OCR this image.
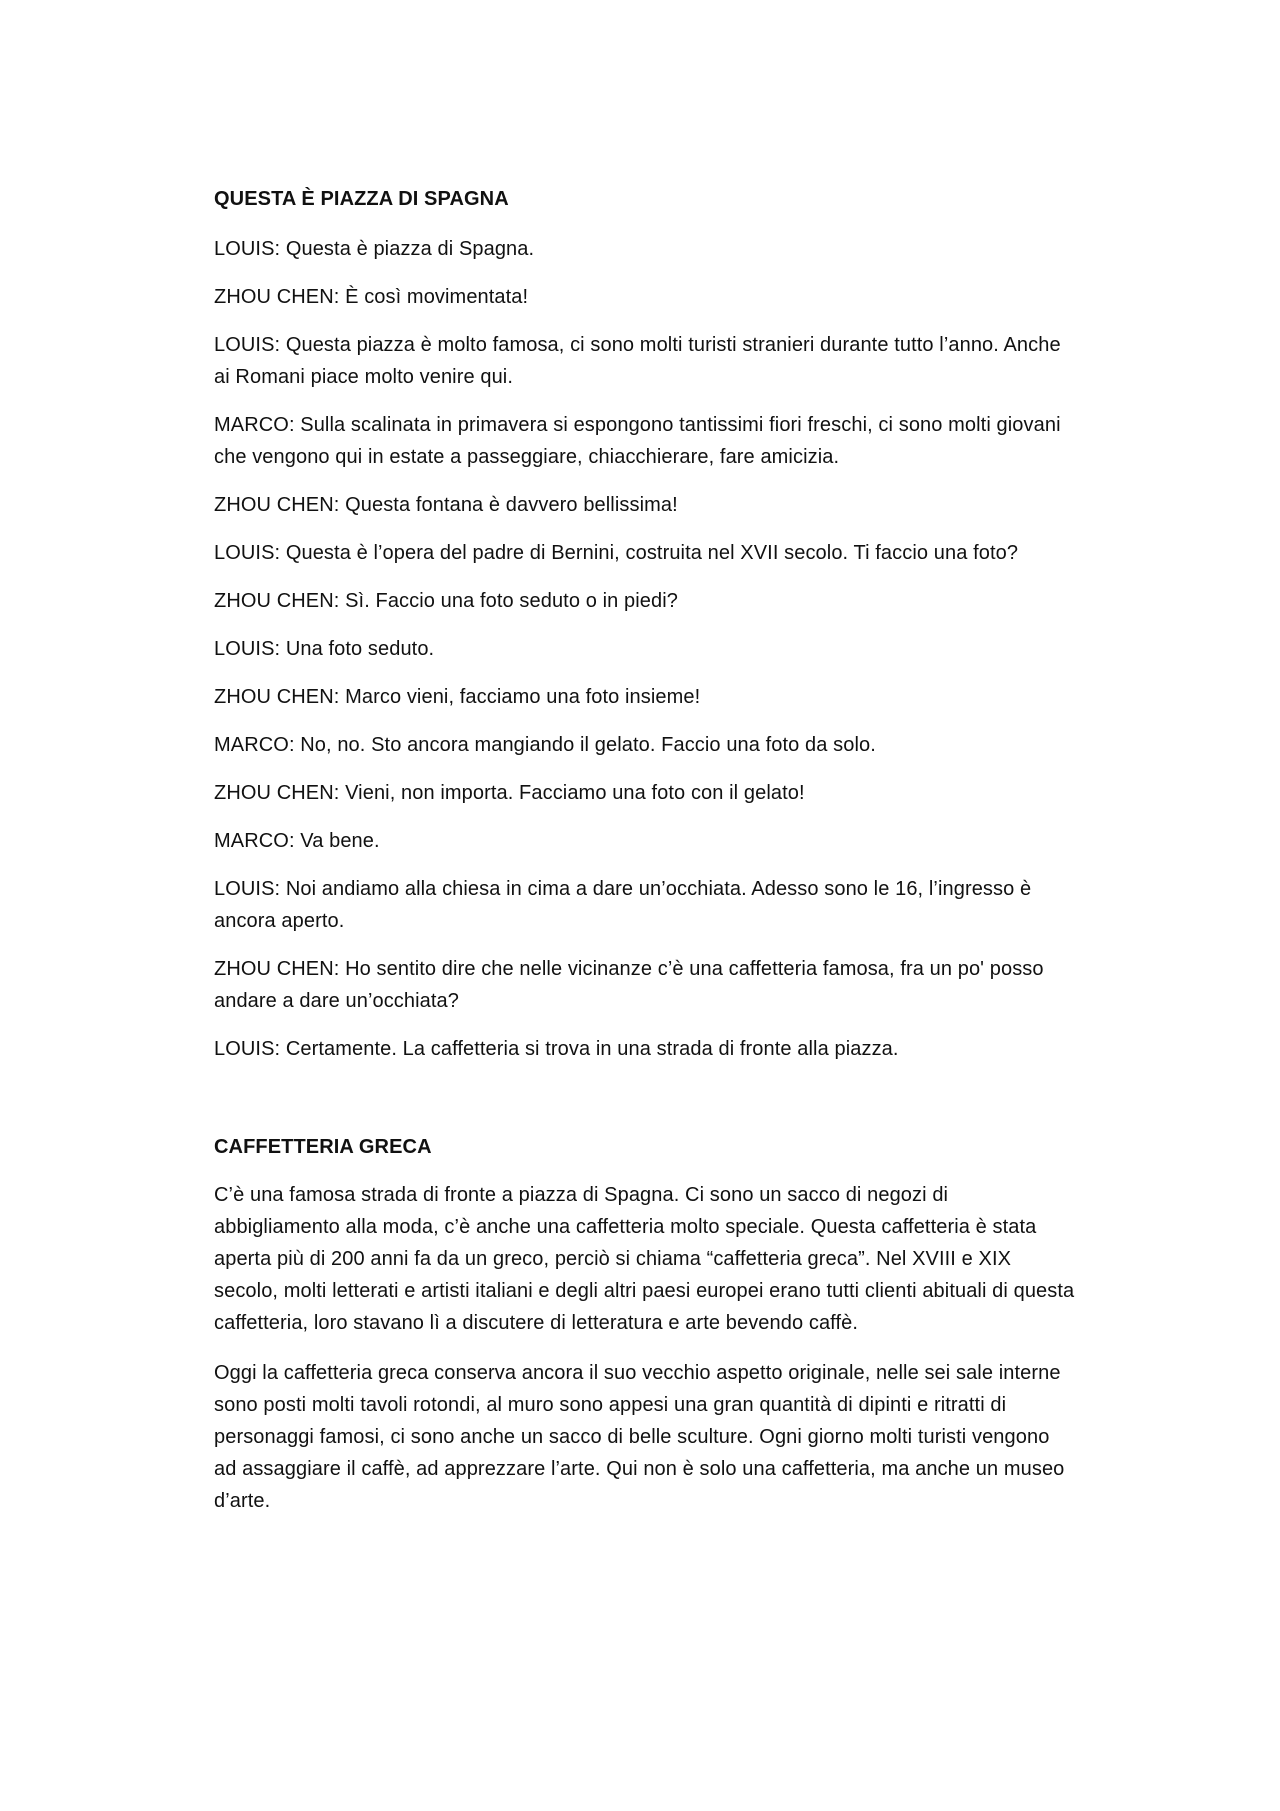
QUESTA È PIAZZA DI SPAGNA

LOUIS: Questa è piazza di Spagna.

ZHOU CHEN: È così movimentata!

LOUIS: Questa piazza è molto famosa, ci sono molti turisti stranieri durante tutto l’anno. Anche ai Romani piace molto venire qui.

MARCO: Sulla scalinata in primavera si espongono tantissimi fiori freschi, ci sono molti giovani che vengono qui in estate a passeggiare, chiacchierare, fare amicizia.

ZHOU CHEN: Questa fontana è davvero bellissima!

LOUIS: Questa è l’opera del padre di Bernini, costruita nel XVII secolo. Ti faccio una foto?

ZHOU CHEN: Sì. Faccio una foto seduto o in piedi?

LOUIS: Una foto seduto.

ZHOU CHEN: Marco vieni, facciamo una foto insieme!

MARCO: No, no. Sto ancora mangiando il gelato. Faccio una foto da solo.

ZHOU CHEN: Vieni, non importa. Facciamo una foto con il gelato!

MARCO: Va bene.

LOUIS: Noi andiamo alla chiesa in cima a dare un’occhiata. Adesso sono le 16, l’ingresso è ancora aperto.

ZHOU CHEN: Ho sentito dire che nelle vicinanze c’è una caffetteria famosa, fra un po' posso andare a dare un’occhiata?

LOUIS: Certamente. La caffetteria si trova in una strada di fronte alla piazza.

CAFFETTERIA GRECA

C’è una famosa strada di fronte a piazza di Spagna. Ci sono un sacco di negozi di abbigliamento alla moda, c’è anche una caffetteria molto speciale. Questa caffetteria è stata aperta più di 200 anni fa da un greco, perciò si chiama “caffetteria greca”. Nel XVIII e XIX secolo, molti letterati e artisti italiani e degli altri paesi europei erano tutti clienti abituali di questa caffetteria, loro stavano lì a discutere di letteratura e arte bevendo caffè.

Oggi la caffetteria greca conserva ancora il suo vecchio aspetto originale, nelle sei sale interne sono posti molti tavoli rotondi, al muro sono appesi una gran quantità di dipinti e ritratti di personaggi famosi, ci sono anche un sacco di belle sculture. Ogni giorno molti turisti vengono ad assaggiare il caffè, ad apprezzare l’arte. Qui non è solo una caffetteria, ma anche un museo d’arte.
